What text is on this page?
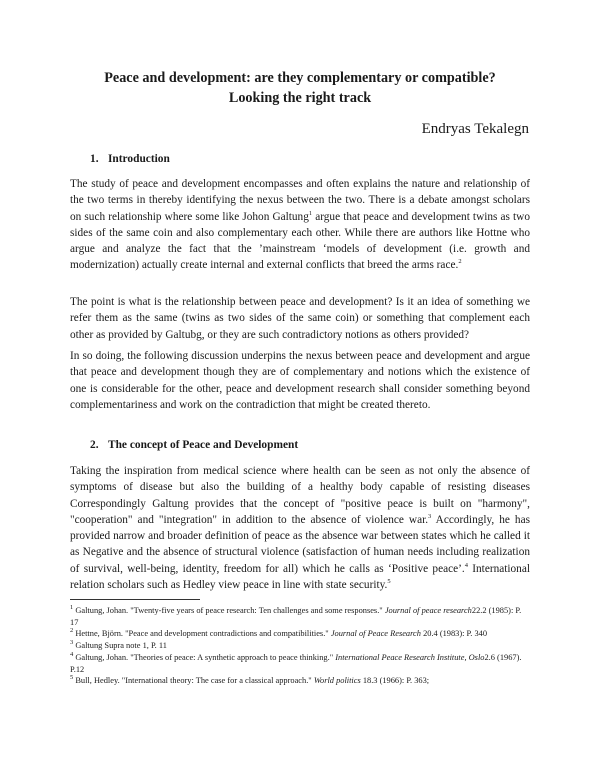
Peace and development: are they complementary or compatible?
Looking the right track
Endryas Tekalegn
1. Introduction
The study of peace and development encompasses and often explains the nature and relationship of the two terms in thereby identifying the nexus between the two. There is a debate amongst scholars on such relationship where some like Johon Galtung$^1$ argue that peace and development twins as two sides of the same coin and also complementary each other. While there are authors like Hottne who argue and analyze the fact that the ’mainstream ‘models of development (i.e. growth and modernization) actually create internal and external conflicts that breed the arms race.$^2$
The point is what is the relationship between peace and development? Is it an idea of something we refer them as the same (twins as two sides of the same coin) or something that complement each other as provided by Galtubg, or they are such contradictory notions as others provided?
In so doing, the following discussion underpins the nexus between peace and development and argue that peace and development though they are of complementary and notions which the existence of one is considerable for the other, peace and development research shall consider something beyond complementariness and work on the contradiction that might be created thereto.
2. The concept of Peace and Development
Taking the inspiration from medical science where health can be seen as not only the absence of symptoms of disease but also the building of a healthy body capable of resisting diseases Correspondingly Galtung provides that the concept of "positive peace is built on "harmony", "cooperation" and "integration" in addition to the absence of violence war.$^3$ Accordingly, he has provided narrow and broader definition of peace as the absence war between states which he called it as Negative and the absence of structural violence (satisfaction of human needs including realization of survival, well-being, identity, freedom for all) which he calls as ‘Positive peace’.$^4$ International relation scholars such as Hedley view peace in line with state security.$^5$

$^1$ Galtung, Johan. "Twenty-five years of peace research: Ten challenges and some responses." Journal of peace research22.2 (1985): P. 17

$^2$ Hettne, Björn. "Peace and development contradictions and compatibilities." Journal of Peace Research 20.4 (1983): P. 340

$^3$ Galtung Supra note 1, P. 11

$^4$ Galtung, Johan. "Theories of peace: A synthetic approach to peace thinking." International Peace Research Institute, Oslo2.6 (1967). P.12

$^5$ Bull, Hedley. "International theory: The case for a classical approach." World politics 18.3 (1966): P. 363;
